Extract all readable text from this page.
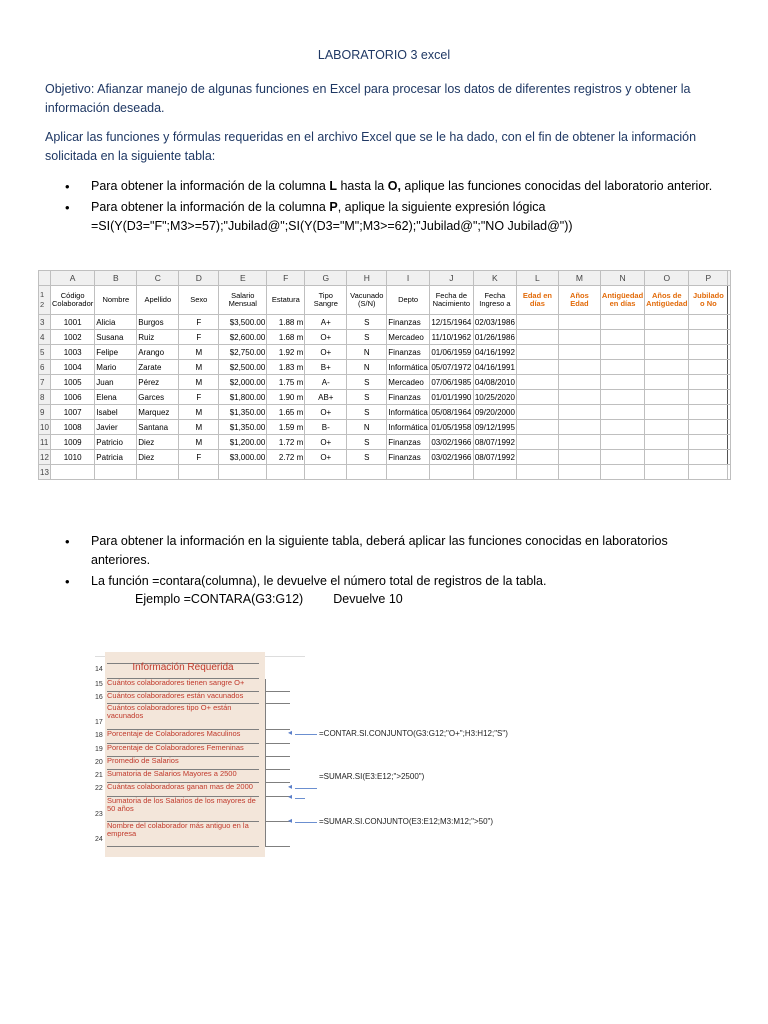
LABORATORIO 3 excel
Objetivo: Afianzar manejo de algunas funciones en Excel para procesar los datos de diferentes registros y obtener la información deseada.
Aplicar las funciones y fórmulas requeridas en el archivo Excel que se le ha dado, con el fin de obtener la información solicitada en la siguiente tabla:
• Para obtener la información de la columna L hasta la O, aplique las funciones conocidas del laboratorio anterior.
• Para obtener la información de la columna P, aplique la siguiente expresión lógica
=SI(Y(D3="F";M3>=57);"Jubilad@";SI(Y(D3="M";M3>=62);"Jubilad@";"NO Jubilad@"))
	A	B	C	D	E	F	G	H	I	J	K	L	M	N	O	P	
1
2	Código Colaborador	Nombre	Apellido	Sexo	Salario Mensual	Estatura	Tipo Sangre	Vacunado (S/N)	Depto	Fecha de Nacimiento	Fecha Ingreso a	Edad en días	Años Edad	Antigüedad en días	Años de Antigüedad	Jubilado o No	
3	1001	Alicia	Burgos	F	$3,500.00	1.88 m	A+	S	Finanzas	12/15/1964	02/03/1986						
4	1002	Susana	Ruiz	F	$2,600.00	1.68 m	O+	S	Mercadeo	11/10/1962	01/26/1986						
5	1003	Felipe	Arango	M	$2,750.00	1.92 m	O+	N	Finanzas	01/06/1959	04/16/1992						
6	1004	Mario	Zarate	M	$2,500.00	1.83 m	B+	N	Informática	05/07/1972	04/16/1991						
7	1005	Juan	Pérez	M	$2,000.00	1.75 m	A-	S	Mercadeo	07/06/1985	04/08/2010						
8	1006	Elena	Garces	F	$1,800.00	1.90 m	AB+	S	Finanzas	01/01/1990	10/25/2020						
9	1007	Isabel	Marquez	M	$1,350.00	1.65 m	O+	S	Informática	05/08/1964	09/20/2000						
10	1008	Javier	Santana	M	$1,350.00	1.59 m	B-	N	Informática	01/05/1958	09/12/1995						
11	1009	Patricio	Diez	M	$1,200.00	1.72 m	O+	S	Finanzas	03/02/1966	08/07/1992						
12	1010	Patricia	Diez	F	$3,000.00	2.72 m	O+	S	Finanzas	03/02/1966	08/07/1992						
13																	
• Para obtener la información en la siguiente tabla, deberá aplicar las funciones conocidas en laboratorios anteriores.
• La función =contara(columna), le devuelve el número total de registros de la tabla.
Ejemplo =CONTARA(G3:G12) Devuelve 10
14	Información Requerida
15 Cuántos colaboradores tienen sangre O+
16 Cuántos colaboradores están vacunados
17
Cuántos colaboradores tipo O+ están vacunados
18 Porcentaje de Colaboradores Maculinos
19 Porcentaje de Colaboradores Femeninas
20 Promedio de Salarios
21 Sumatoria de Salarios Mayores a 2500
22 Cuántas colaboradoras ganan mas de 2000
23
Sumatoria de los Salarios de los mayores de 50 años
24
Nombre del colaborador más antiguo en la empresa
◂	=CONTAR.SI.CONJUNTO(G3:G12;"O+";H3:H12;"S")
◂
=SUMAR.SI(E3:E12;">2500")
◂
◂	=SUMAR.SI.CONJUNTO(E3:E12;M3:M12;">50")
